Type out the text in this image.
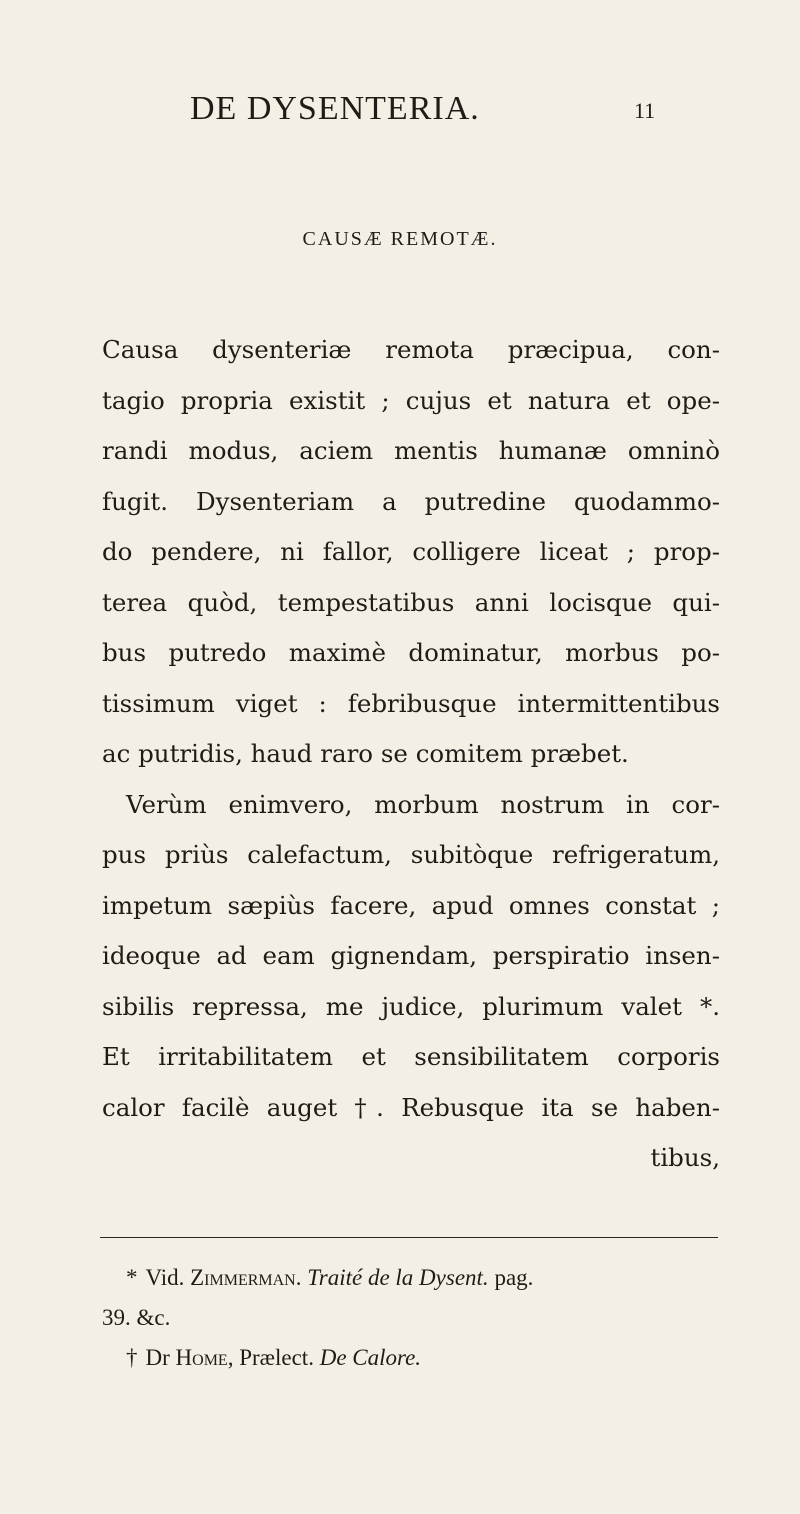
DE DYSENTERIA.	11
CAUSÆ REMOTÆ.
Causa dysenteriæ remota præcipua, con-
tagio propria existit ; cujus et natura et ope-
randi modus, aciem mentis humanæ omninò
fugit. Dysenteriam a putredine quodammo-
do pendere, ni fallor, colligere liceat ; prop-
terea quòd, tempestatibus anni locisque qui-
bus putredo maximè dominatur, morbus po-
tissimum viget : febribusque intermittentibus
ac putridis, haud raro se comitem præbet.
Verùm enimvero, morbum nostrum in cor-
pus priùs calefactum, subitòque refrigeratum,
impetum sæpiùs facere, apud omnes constat ;
ideoque ad eam gignendam, perspiratio insen-
sibilis repressa, me judice, plurimum valet *.
Et irritabilitatem et sensibilitatem corporis
calor facilè auget †. Rebusque ita se haben-
tibus,
* Vid. Zimmerman. Traité de la Dysent. pag.
39. &c.
† Dr Home, Prælect. De Calore.
